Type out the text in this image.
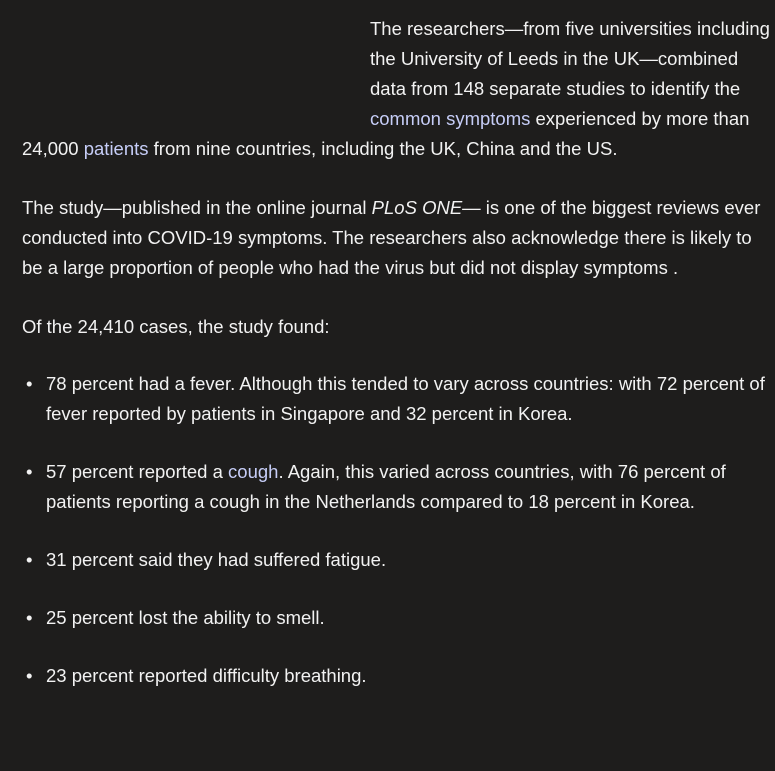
The researchers—from five universities including the University of Leeds in the UK—combined data from 148 separate studies to identify the common symptoms experienced by more than 24,000 patients from nine countries, including the UK, China and the US.

The study—published in the online journal PLoS ONE— is one of the biggest reviews ever conducted into COVID-19 symptoms. The researchers also acknowledge there is likely to be a large proportion of people who had the virus but did not display symptoms .

Of the 24,410 cases, the study found:

• 78 percent had a fever. Although this tended to vary across countries: with 72 percent of fever reported by patients in Singapore and 32 percent in Korea.
• 57 percent reported a cough. Again, this varied across countries, with 76 percent of patients reporting a cough in the Netherlands compared to 18 percent in Korea.
• 31 percent said they had suffered fatigue.
• 25 percent lost the ability to smell.
• 23 percent reported difficulty breathing.
